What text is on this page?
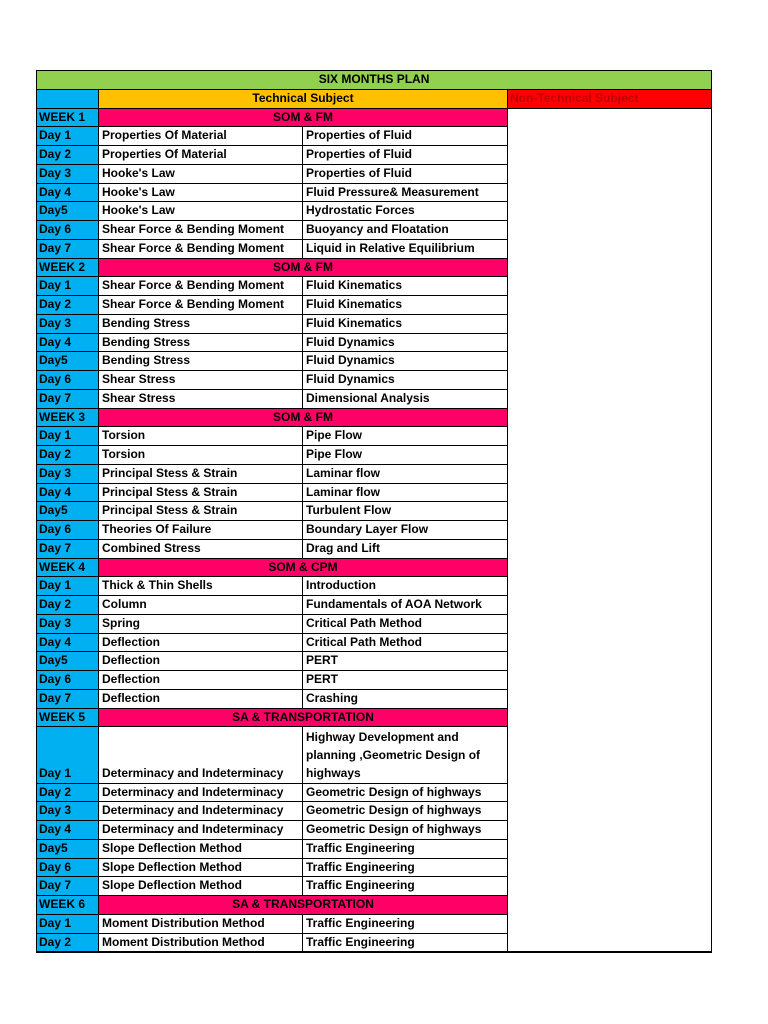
SIX MONTHS PLAN			
	Technical Subject		Non-Technical Subject
WEEK 1	SOM & FM		
Day 1	Properties Of Material	Properties of Fluid	
Day 2	Properties Of Material	Properties of Fluid	
Day 3	Hooke's Law	Properties of Fluid	
Day 4	Hooke's Law	Fluid Pressure& Measurement	
Day5	Hooke's Law	Hydrostatic Forces	
Day 6	Shear Force & Bending Moment	Buoyancy and Floatation	
Day 7	Shear Force & Bending Moment	Liquid in Relative Equilibrium	
WEEK 2	SOM & FM		
Day 1	Shear Force & Bending Moment	Fluid Kinematics	
Day 2	Shear Force & Bending Moment	Fluid Kinematics	
Day 3	Bending Stress	Fluid Kinematics	
Day 4	Bending Stress	Fluid Dynamics	
Day5	Bending Stress	Fluid Dynamics	
Day 6	Shear Stress	Fluid Dynamics	
Day 7	Shear Stress	Dimensional Analysis	
WEEK 3	SOM & FM		
Day 1	Torsion	Pipe Flow	
Day 2	Torsion	Pipe Flow	
Day 3	Principal Stess & Strain	Laminar flow	
Day 4	Principal Stess & Strain	Laminar flow	
Day5	Principal Stess & Strain	Turbulent Flow	
Day 6	Theories Of Failure	Boundary Layer Flow	
Day 7	Combined Stress	Drag and Lift	
WEEK 4	SOM & CPM		
Day 1	Thick & Thin Shells	Introduction	
Day 2	Column	Fundamentals of AOA Network	
Day 3	Spring	Critical Path Method	
Day 4	Deflection	Critical Path Method	
Day5	Deflection	PERT	
Day 6	Deflection	PERT	
Day 7	Deflection	Crashing	
WEEK 5	SA & TRANSPORTATION		
Day 1	Determinacy and Indeterminacy	Highway Development and planning ,Geometric Design of highways	
Day 2	Determinacy and Indeterminacy	Geometric Design of highways	
Day 3	Determinacy and Indeterminacy	Geometric Design of highways	
Day 4	Determinacy and Indeterminacy	Geometric Design of highways	
Day5	Slope Deflection Method	Traffic Engineering	
Day 6	Slope Deflection Method	Traffic Engineering	
Day 7	Slope Deflection Method	Traffic Engineering	
WEEK 6	SA & TRANSPORTATION		
Day 1	Moment Distribution Method	Traffic Engineering	
Day 2	Moment Distribution Method	Traffic Engineering	
